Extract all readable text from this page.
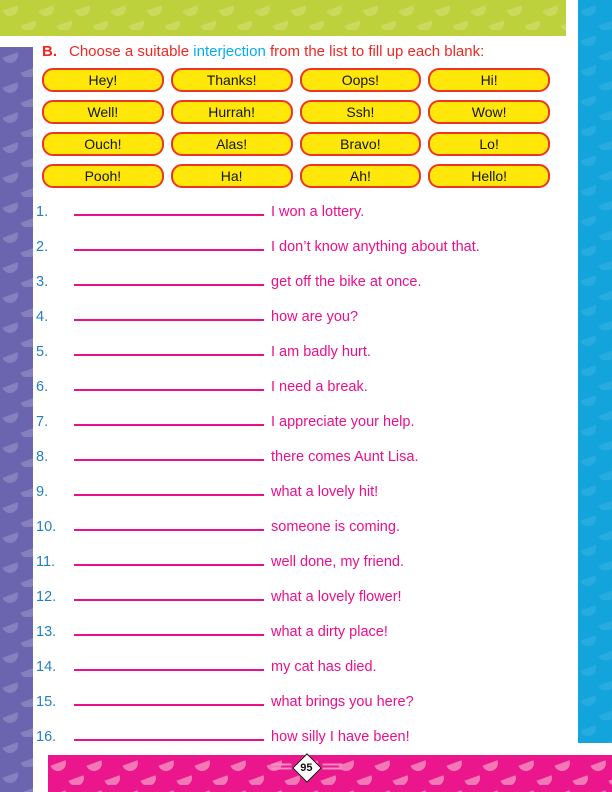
B. Choose a suitable interjection from the list to fill up each blank:
Hey!	Thanks!	Oops!	Hi!
Well!	Hurrah!	Ssh!	Wow!
Ouch!	Alas!	Bravo!	Lo!
Pooh!	Ha!	Ah!	Hello!
1.	I won a lottery.
2.	I don’t know anything about that.
3.	get off the bike at once.
4.	how are you?
5.	I am badly hurt.
6.	I need a break.
7.	I appreciate your help.
8.	there comes Aunt Lisa.
9.	what a lovely hit!
10.	someone is coming.
11.	well done, my friend.
12.	what a lovely flower!
13.	what a dirty place!
14.	my cat has died.
15.	what brings you here?
16.	how silly I have been!
95
